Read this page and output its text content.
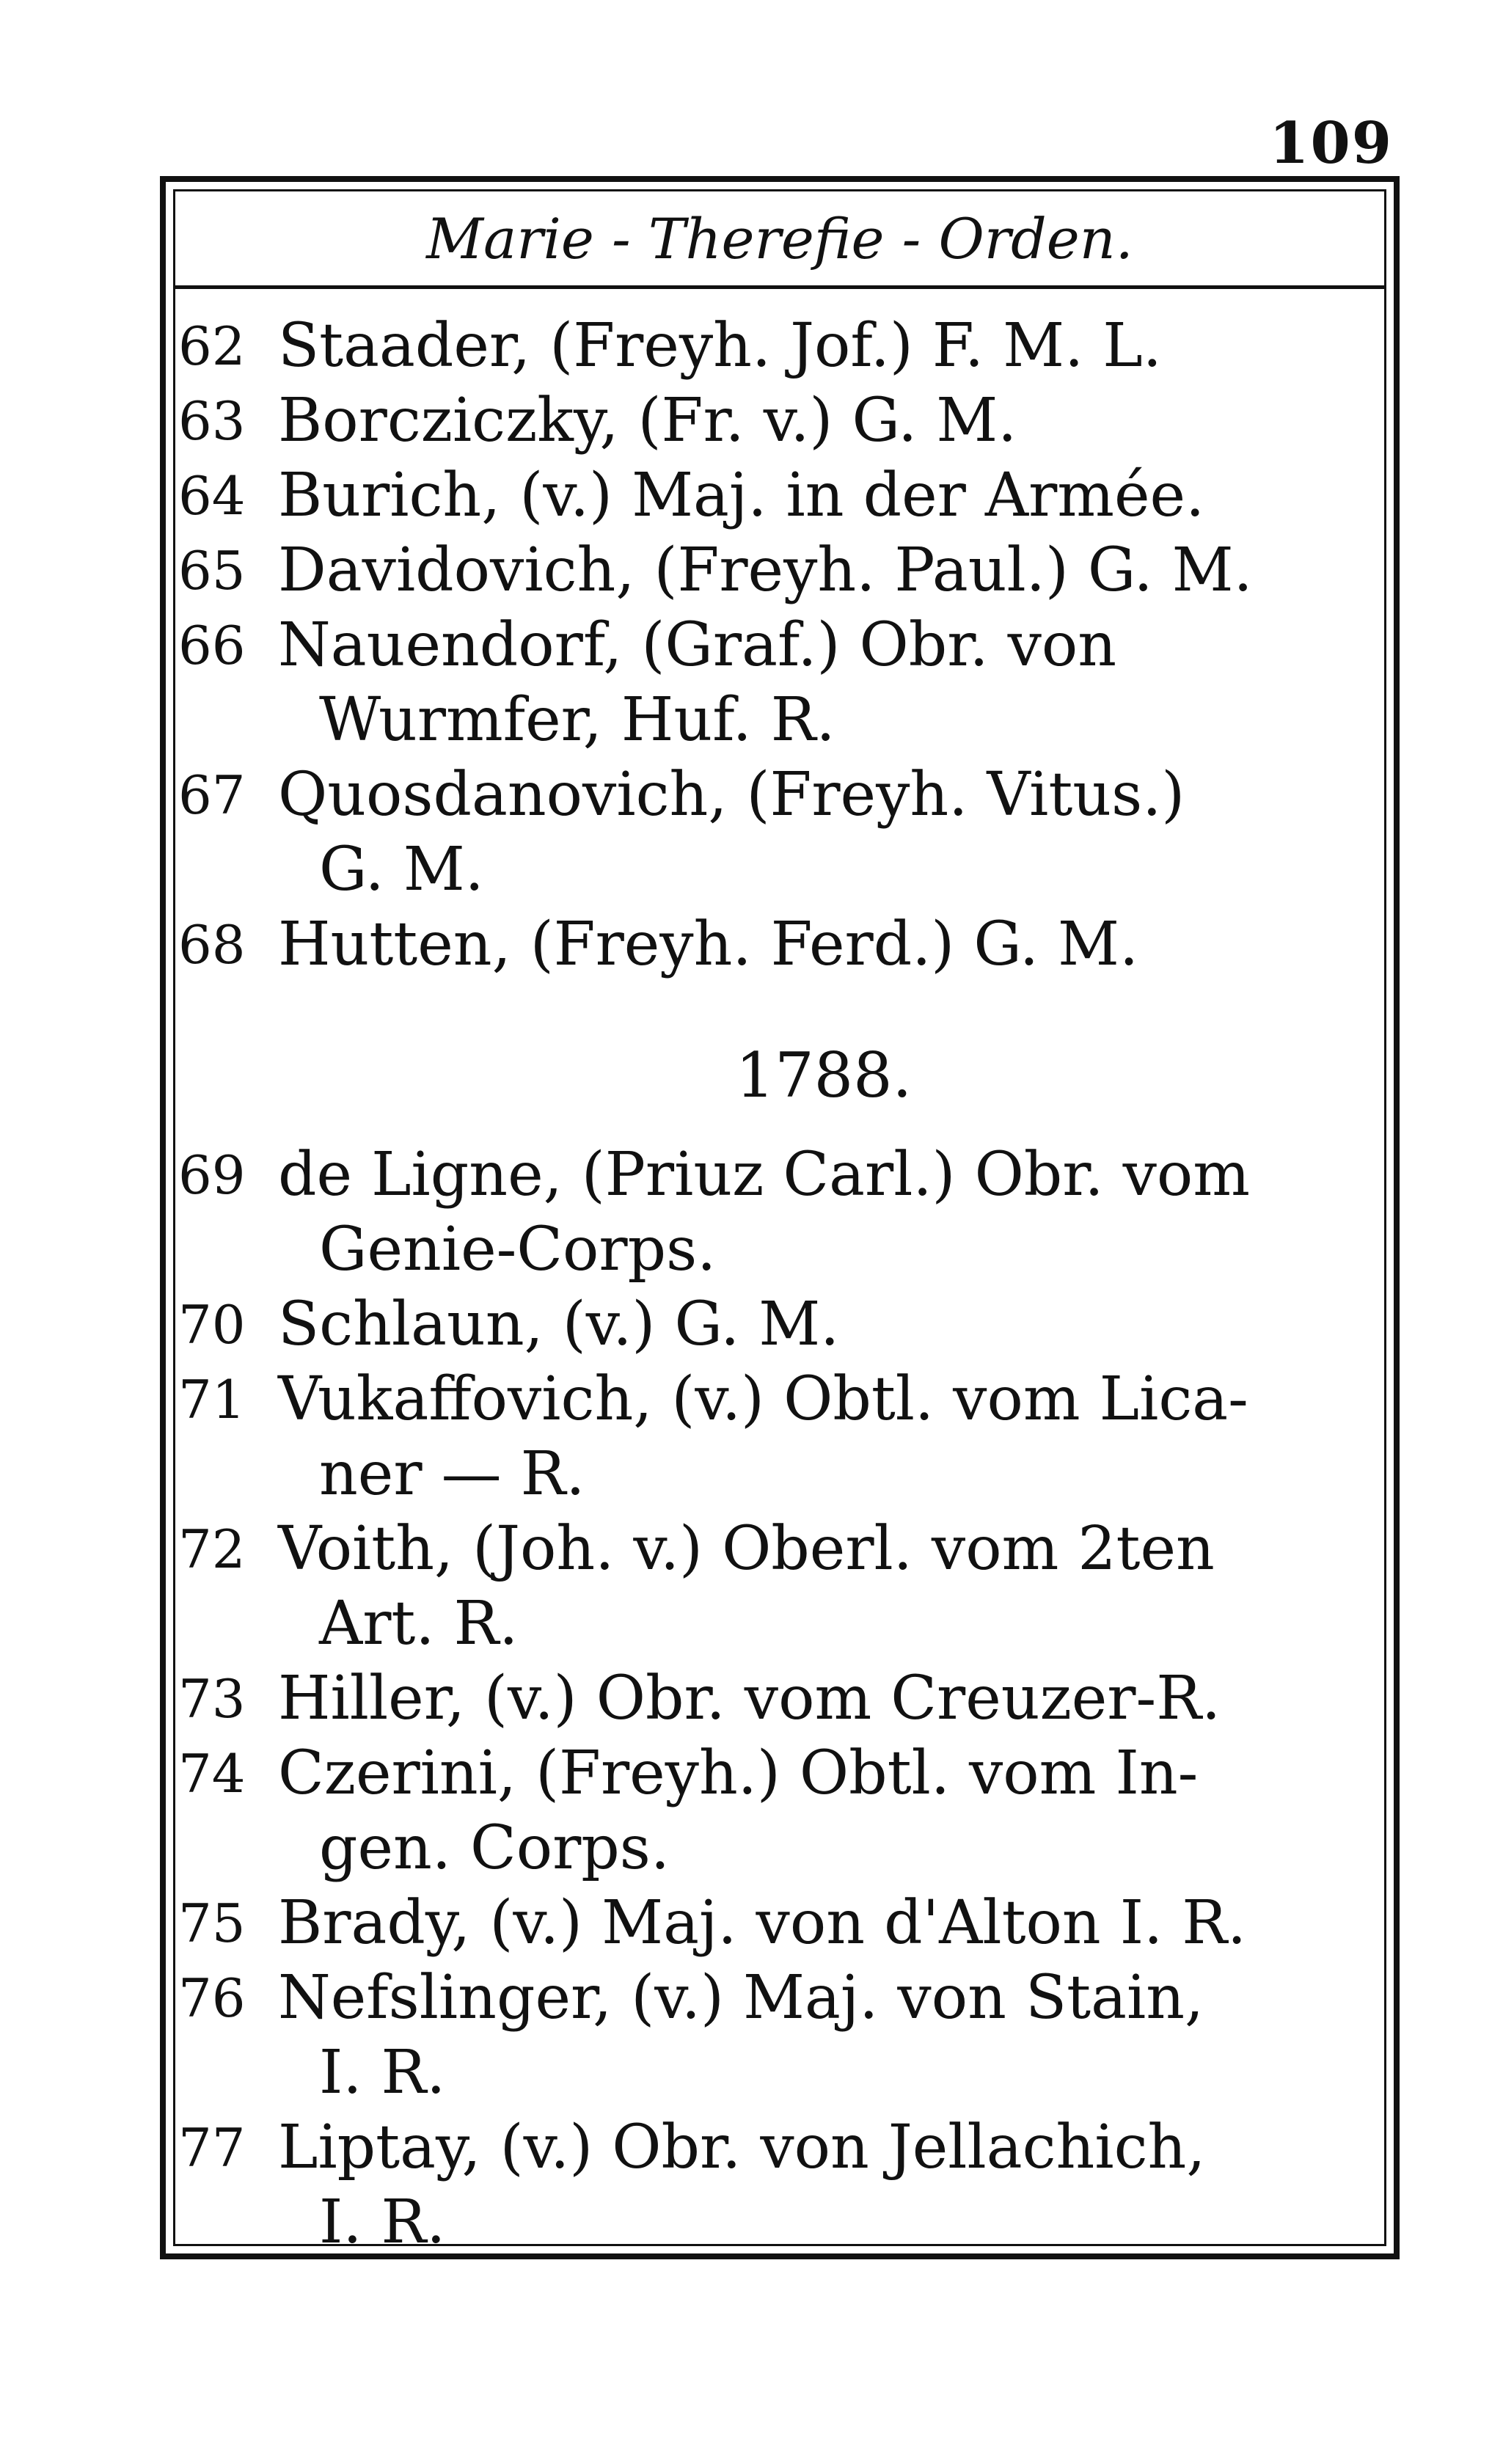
109
Marie - Therefie - Orden.
62 Staader, (Freyh. Jof.) F. M. L.
63 Borcziczky, (Fr. v.) G. M.
64 Burich, (v.) Maj. in der Armée.
65 Davidovich, (Freyh. Paul.) G. M.
66 Nauendorf, (Graf.) Obr. von
Wurmfer, Huf. R.
67 Quosdanovich, (Freyh. Vitus.)
G. M.
68 Hutten, (Freyh. Ferd.) G. M.
1788.
69 de Ligne, (Priuz Carl.) Obr. vom
Genie-Corps.
70 Schlaun, (v.) G. M.
71 Vukaffovich, (v.) Obtl. vom Lica-
ner — R.
72 Voith, (Joh. v.) Oberl. vom 2ten
Art. R.
73 Hiller, (v.) Obr. vom Creuzer-R.
74 Czerini, (Freyh.) Obtl. vom In-
gen. Corps.
75 Brady, (v.) Maj. von d'Alton I. R.
76 Nefslinger, (v.) Maj. von Stain,
I. R.
77 Liptay, (v.) Obr. von Jellachich,
I. R.
